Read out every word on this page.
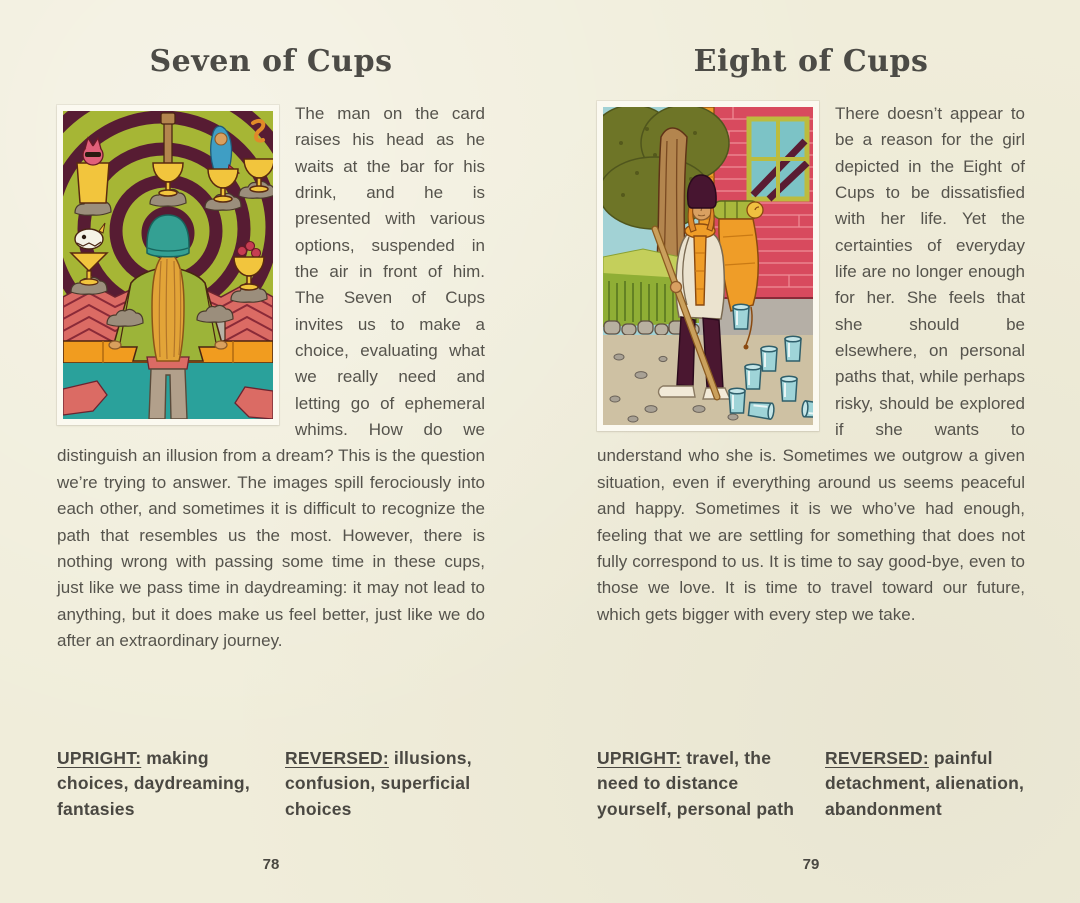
Seven of Cups

The man on the card raises his head as he waits at the bar for his drink, and he is presented with various options, suspended in the air in front of him. The Seven of Cups invites us to make a choice, evaluating what we really need and letting go of ephemeral whims. How do we distinguish an illusion from a dream? This is the question we’re trying to answer. The images spill ferociously into each other, and sometimes it is difficult to recognize the path that resembles us the most. However, there is nothing wrong with passing some time in these cups, just like we pass time in daydreaming: it may not lead to anything, but it does make us feel better, just like we do after an extraordinary journey.

UPRIGHT: making choices, daydreaming, fantasies
REVERSED: illusions, confusion, superficial choices
78
Eight of Cups

There doesn’t appear to be a reason for the girl depicted in the Eight of Cups to be dissatisfied with her life. Yet the certainties of everyday life are no longer enough for her. She feels that she should be elsewhere, on personal paths that, while perhaps risky, should be explored if she wants to understand who she is. Sometimes we outgrow a given situation, even if everything around us seems peaceful and happy. Sometimes it is we who’ve had enough, feeling that we are settling for something that does not fully correspond to us. It is time to say good-bye, even to those we love. It is time to travel toward our future, which gets bigger with every step we take.

UPRIGHT: travel, the need to distance yourself, personal path
REVERSED: painful detachment, alienation, abandonment
79
